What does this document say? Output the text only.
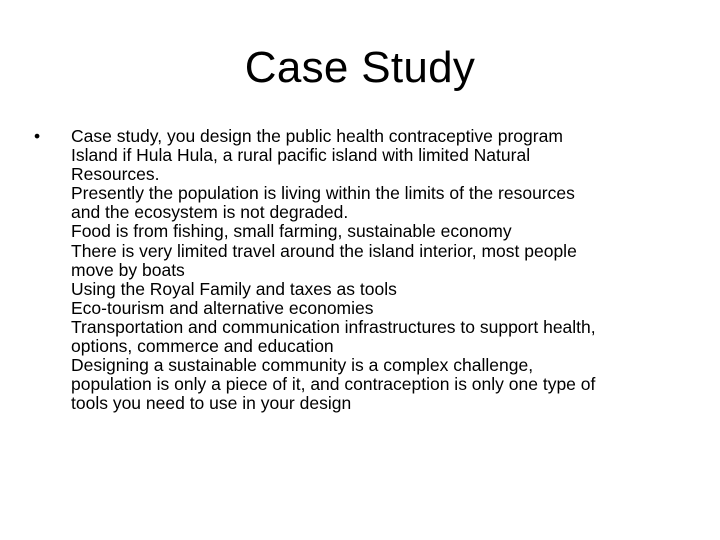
Case Study
•	Case study, you design the public health contraceptive program
Island if Hula Hula, a rural pacific island with limited Natural
Resources.
Presently the population is living within the limits of the resources
and the ecosystem is not degraded.
Food is from fishing, small farming, sustainable economy
There is very limited travel around the island interior, most people
move by boats
Using the Royal Family and taxes as tools
Eco-tourism and alternative economies
Transportation and communication infrastructures to support health,
options, commerce and education
Designing a sustainable community is a complex challenge,
population is only a piece of it, and contraception is only one type of
tools you need to use in your design
